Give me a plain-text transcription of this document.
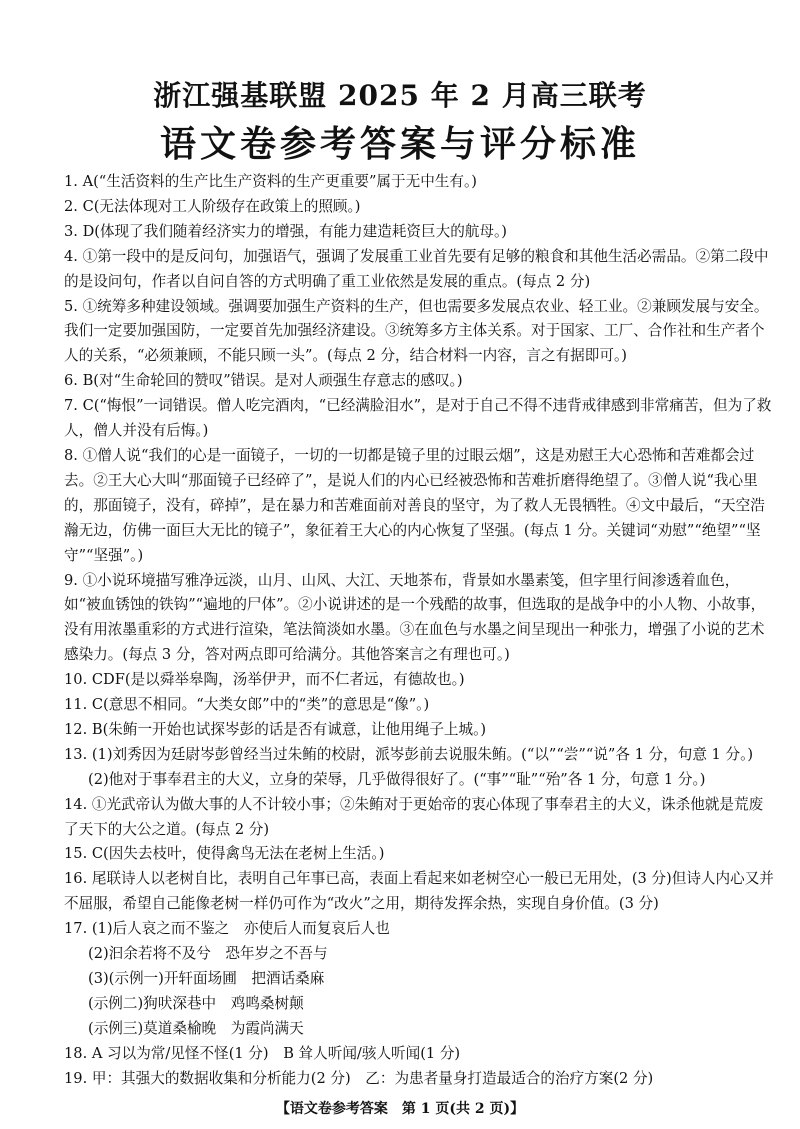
浙江强基联盟 2025 年 2 月高三联考
语文卷参考答案与评分标准

1. A(“生活资料的生产比生产资料的生产更重要”属于无中生有。)

2. C(无法体现对工人阶级存在政策上的照顾。)

3. D(体现了我们随着经济实力的增强，有能力建造耗资巨大的航母。)

4. ①第一段中的是反问句，加强语气，强调了发展重工业首先要有足够的粮食和其他生活必需品。②第二段中的是设问句，作者以自问自答的方式明确了重工业依然是发展的重点。(每点 2 分)

5. ①统筹多种建设领域。强调要加强生产资料的生产，但也需要多发展点农业、轻工业。②兼顾发展与安全。我们一定要加强国防，一定要首先加强经济建设。③统筹多方主体关系。对于国家、工厂、合作社和生产者个人的关系，“必须兼顾，不能只顾一头”。(每点 2 分，结合材料一内容，言之有据即可。)

6. B(对“生命轮回的赞叹”错误。是对人顽强生存意志的感叹。)

7. C(“悔恨”一词错误。僧人吃完酒肉，“已经满脸泪水”，是对于自己不得不违背戒律感到非常痛苦，但为了救人，僧人并没有后悔。)

8. ①僧人说“我们的心是一面镜子，一切的一切都是镜子里的过眼云烟”，这是劝慰王大心恐怖和苦难都会过去。②王大心大叫“那面镜子已经碎了”，是说人们的内心已经被恐怖和苦难折磨得绝望了。③僧人说“我心里的，那面镜子，没有，碎掉”，是在暴力和苦难面前对善良的坚守，为了救人无畏牺牲。④文中最后，“天空浩瀚无边，仿佛一面巨大无比的镜子”，象征着王大心的内心恢复了坚强。(每点 1 分。关键词“劝慰”“绝望”“坚守”“坚强”。)

9. ①小说环境描写雅净远淡，山月、山风、大江、天地茶布，背景如水墨素笺，但字里行间渗透着血色，如“被血锈蚀的铁钩”“遍地的尸体”。②小说讲述的是一个残酷的故事，但选取的是战争中的小人物、小故事，没有用浓墨重彩的方式进行渲染，笔法简淡如水墨。③在血色与水墨之间呈现出一种张力，增强了小说的艺术感染力。(每点 3 分，答对两点即可给满分。其他答案言之有理也可。)

10. CDF(是以舜举皋陶，汤举伊尹，而不仁者远，有德故也。)

11. C(意思不相同。“大类女郎”中的“类”的意思是“像”。)

12. B(朱鲔一开始也试探岑彭的话是否有诚意，让他用绳子上城。)

13. (1)刘秀因为廷尉岑彭曾经当过朱鲔的校尉，派岑彭前去说服朱鲔。(“以”“尝”“说”各 1 分，句意 1 分。)

(2)他对于事奉君主的大义，立身的荣辱，几乎做得很好了。(“事”“耻”“殆”各 1 分，句意 1 分。)

14. ①光武帝认为做大事的人不计较小事；②朱鲔对于更始帝的衷心体现了事奉君主的大义，诛杀他就是荒废了天下的大公之道。(每点 2 分)

15. C(因失去枝叶，使得禽鸟无法在老树上生活。)

16. 尾联诗人以老树自比，表明自己年事已高，表面上看起来如老树空心一般已无用处，(3 分)但诗人内心又并不屈服，希望自己能像老树一样仍可作为“改火”之用，期待发挥余热，实现自身价值。(3 分)

17. (1)后人哀之而不鉴之　亦使后人而复哀后人也

(2)汩余若将不及兮　恐年岁之不吾与

(3)(示例一)开轩面场圃　把酒话桑麻

(示例二)狗吠深巷中　鸡鸣桑树颠

(示例三)莫道桑榆晚　为霞尚满天

18. A 习以为常/见怪不怪(1 分)　B 耸人听闻/骇人听闻(1 分)

19. 甲：其强大的数据收集和分析能力(2 分)　乙：为患者量身打造最适合的治疗方案(2 分)

【语文卷参考答案　第 1 页(共 2 页)】
